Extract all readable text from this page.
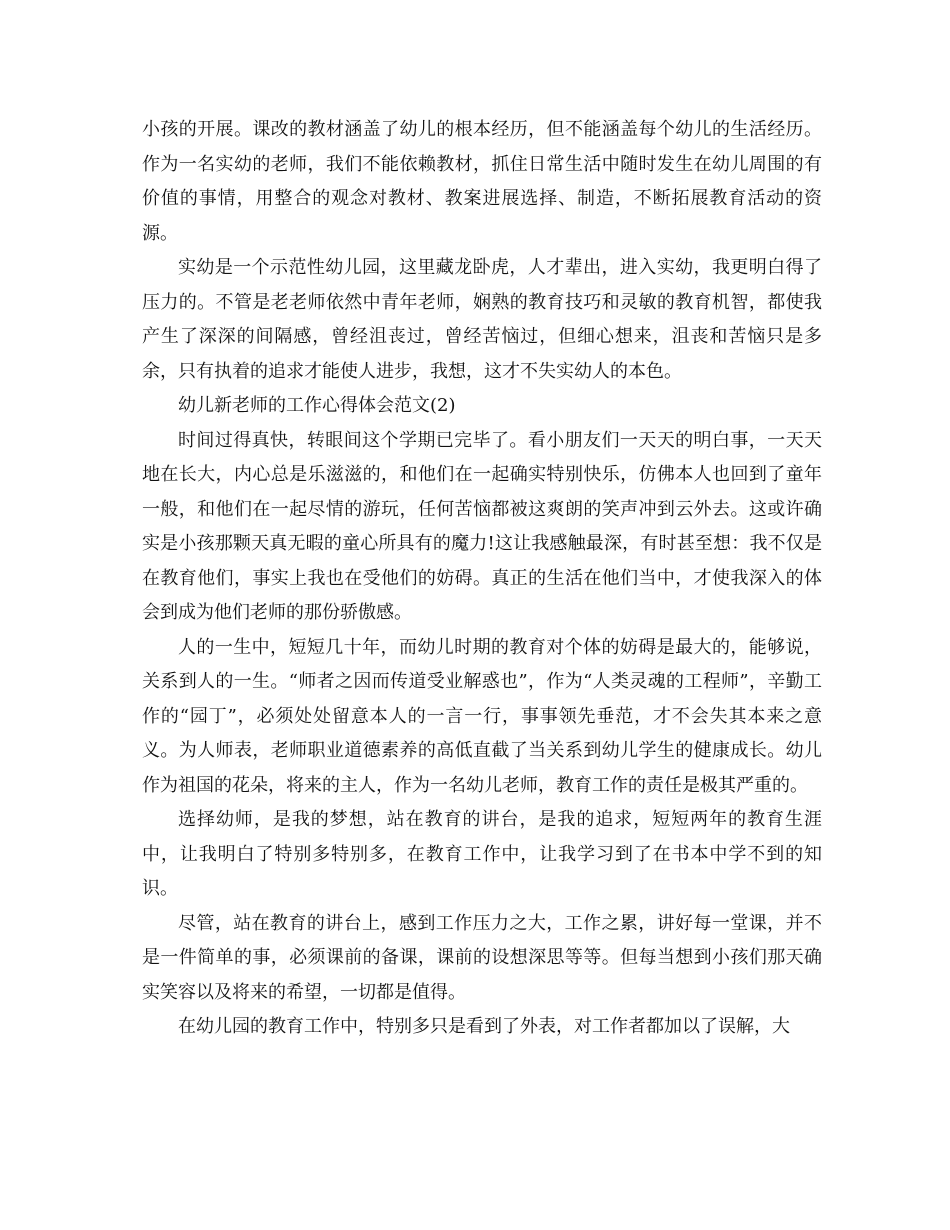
小孩的开展。课改的教材涵盖了幼儿的根本经历，但不能涵盖每个幼儿的生活经历。作为一名实幼的老师，我们不能依赖教材，抓住日常生活中随时发生在幼儿周围的有价值的事情，用整合的观念对教材、教案进展选择、制造，不断拓展教育活动的资源。

实幼是一个示范性幼儿园，这里藏龙卧虎，人才辈出，进入实幼，我更明白得了压力的。不管是老老师依然中青年老师，娴熟的教育技巧和灵敏的教育机智，都使我产生了深深的间隔感，曾经沮丧过，曾经苦恼过，但细心想来，沮丧和苦恼只是多余，只有执着的追求才能使人进步，我想，这才不失实幼人的本色。

幼儿新老师的工作心得体会范文(2)

时间过得真快，转眼间这个学期已完毕了。看小朋友们一天天的明白事，一天天地在长大，内心总是乐滋滋的，和他们在一起确实特别快乐，仿佛本人也回到了童年一般，和他们在一起尽情的游玩，任何苦恼都被这爽朗的笑声冲到云外去。这或许确实是小孩那颗天真无暇的童心所具有的魔力!这让我感触最深，有时甚至想：我不仅是在教育他们，事实上我也在受他们的妨碍。真正的生活在他们当中，才使我深入的体会到成为他们老师的那份骄傲感。

人的一生中，短短几十年，而幼儿时期的教育对个体的妨碍是最大的，能够说，关系到人的一生。“师者之因而传道受业解惑也”，作为“人类灵魂的工程师”，辛勤工作的“园丁”，必须处处留意本人的一言一行，事事领先垂范，才不会失其本来之意义。为人师表，老师职业道德素养的高低直截了当关系到幼儿学生的健康成长。幼儿作为祖国的花朵，将来的主人，作为一名幼儿老师，教育工作的责任是极其严重的。

选择幼师，是我的梦想，站在教育的讲台，是我的追求，短短两年的教育生涯中，让我明白了特别多特别多，在教育工作中，让我学习到了在书本中学不到的知识。

尽管，站在教育的讲台上，感到工作压力之大，工作之累，讲好每一堂课，并不是一件简单的事，必须课前的备课，课前的设想深思等等。但每当想到小孩们那天确实笑容以及将来的希望，一切都是值得。

在幼儿园的教育工作中，特别多只是看到了外表，对工作者都加以了误解，大
